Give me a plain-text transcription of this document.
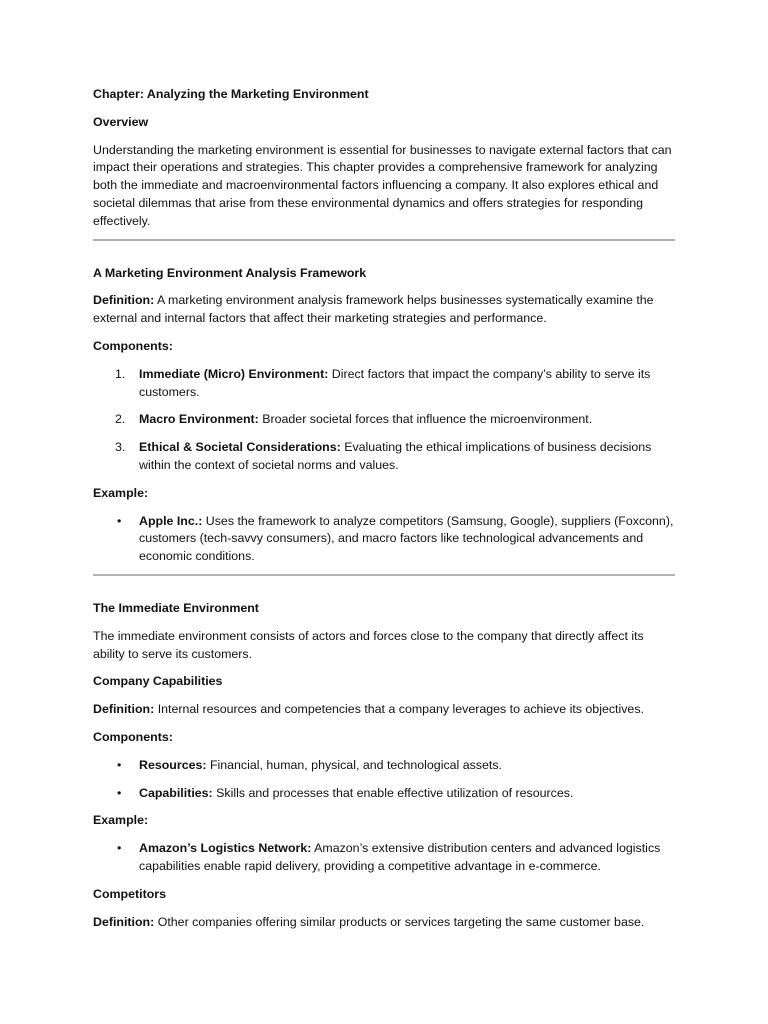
Chapter: Analyzing the Marketing Environment

Overview

Understanding the marketing environment is essential for businesses to navigate external factors that can impact their operations and strategies. This chapter provides a comprehensive framework for analyzing both the immediate and macroenvironmental factors influencing a company. It also explores ethical and societal dilemmas that arise from these environmental dynamics and offers strategies for responding effectively.

A Marketing Environment Analysis Framework

Definition: A marketing environment analysis framework helps businesses systematically examine the external and internal factors that affect their marketing strategies and performance.

Components:

1. Immediate (Micro) Environment: Direct factors that impact the company’s ability to serve its customers.
2. Macro Environment: Broader societal forces that influence the microenvironment.
3. Ethical & Societal Considerations: Evaluating the ethical implications of business decisions within the context of societal norms and values.

Example:

• Apple Inc.: Uses the framework to analyze competitors (Samsung, Google), suppliers (Foxconn), customers (tech-savvy consumers), and macro factors like technological advancements and economic conditions.

The Immediate Environment

The immediate environment consists of actors and forces close to the company that directly affect its ability to serve its customers.

Company Capabilities

Definition: Internal resources and competencies that a company leverages to achieve its objectives.

Components:

• Resources: Financial, human, physical, and technological assets.
• Capabilities: Skills and processes that enable effective utilization of resources.

Example:

• Amazon’s Logistics Network: Amazon’s extensive distribution centers and advanced logistics capabilities enable rapid delivery, providing a competitive advantage in e-commerce.

Competitors

Definition: Other companies offering similar products or services targeting the same customer base.
